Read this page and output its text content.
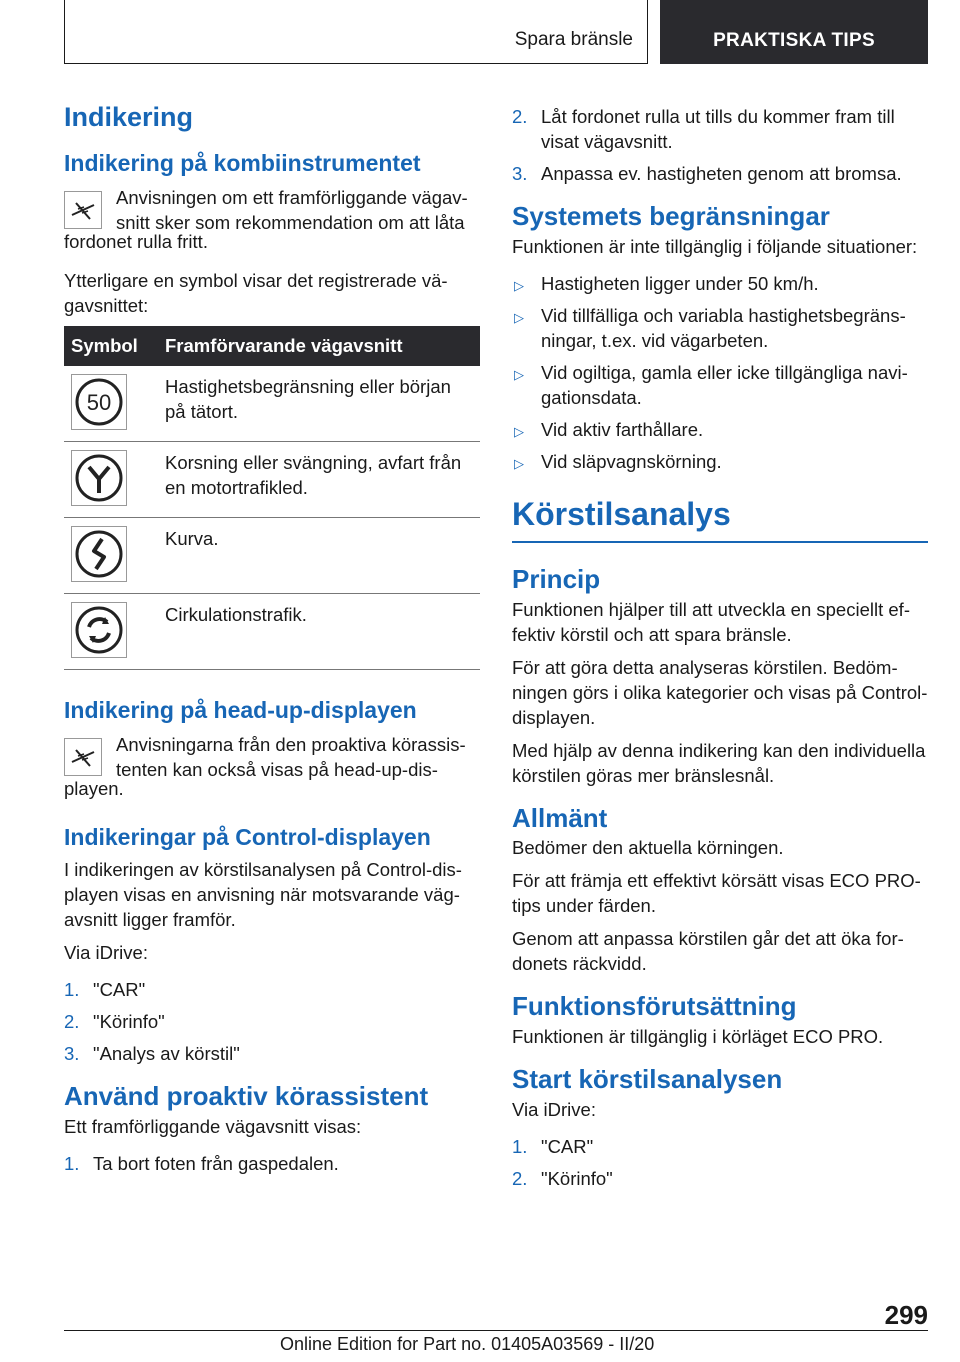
Spara bränsle	PRAKTISKA TIPS
Indikering
Indikering på kombiinstrumentet

Anvisningen om ett framförliggande vägavsnitt sker som rekommendation om att låta

fordonet rulla fritt.

Ytterligare en symbol visar det registrerade vägavsnittet:

Symbol	Framförvarande vägavsnitt

50	Hastighetsbegränsning eller början på tätort.

	Korsning eller svängning, avfart från en motortrafikled.

	Kurva.

	Cirkulationstrafik.
Indikering på head-up-displayen

Anvisningarna från den proaktiva körassistenten kan också visas på head-up-dis-

playen.

Indikeringar på Control-displayen

I indikeringen av körstilsanalysen på Control-displayen visas en anvisning när motsvarande vägavsnitt ligger framför.

Via iDrive:

1. "CAR"
2. "Körinfo"
3. "Analys av körstil"
Använd proaktiv körassistent

Ett framförliggande vägavsnitt visas:

1. Ta bort foten från gaspedalen.
2. Låt fordonet rulla ut tills du kommer fram till visat vägavsnitt.
3. Anpassa ev. hastigheten genom att bromsa.
Systemets begränsningar

Funktionen är inte tillgänglig i följande situationer:

▷ Hastigheten ligger under 50 km/h.
▷ Vid tillfälliga och variabla hastighetsbegränsningar, t.ex. vid vägarbeten.
▷ Vid ogiltiga, gamla eller icke tillgängliga navigationsdata.
▷ Vid aktiv farthållare.
▷ Vid släpvagnskörning.
Körstilsanalys
Princip

Funktionen hjälper till att utveckla en speciellt effektiv körstil och att spara bränsle.

För att göra detta analyseras körstilen. Bedömningen görs i olika kategorier och visas på Control-displayen.

Med hjälp av denna indikering kan den individuella körstilen göras mer bränslesnål.

Allmänt

Bedömer den aktuella körningen.

För att främja ett effektivt körsätt visas ECO PRO-tips under färden.

Genom att anpassa körstilen går det att öka fordonets räckvidd.

Funktionsförutsättning

Funktionen är tillgänglig i körläget ECO PRO.

Start körstilsanalysen

Via iDrive:

1. "CAR"
2. "Körinfo"
299
Online Edition for Part no. 01405A03569 - II/20
